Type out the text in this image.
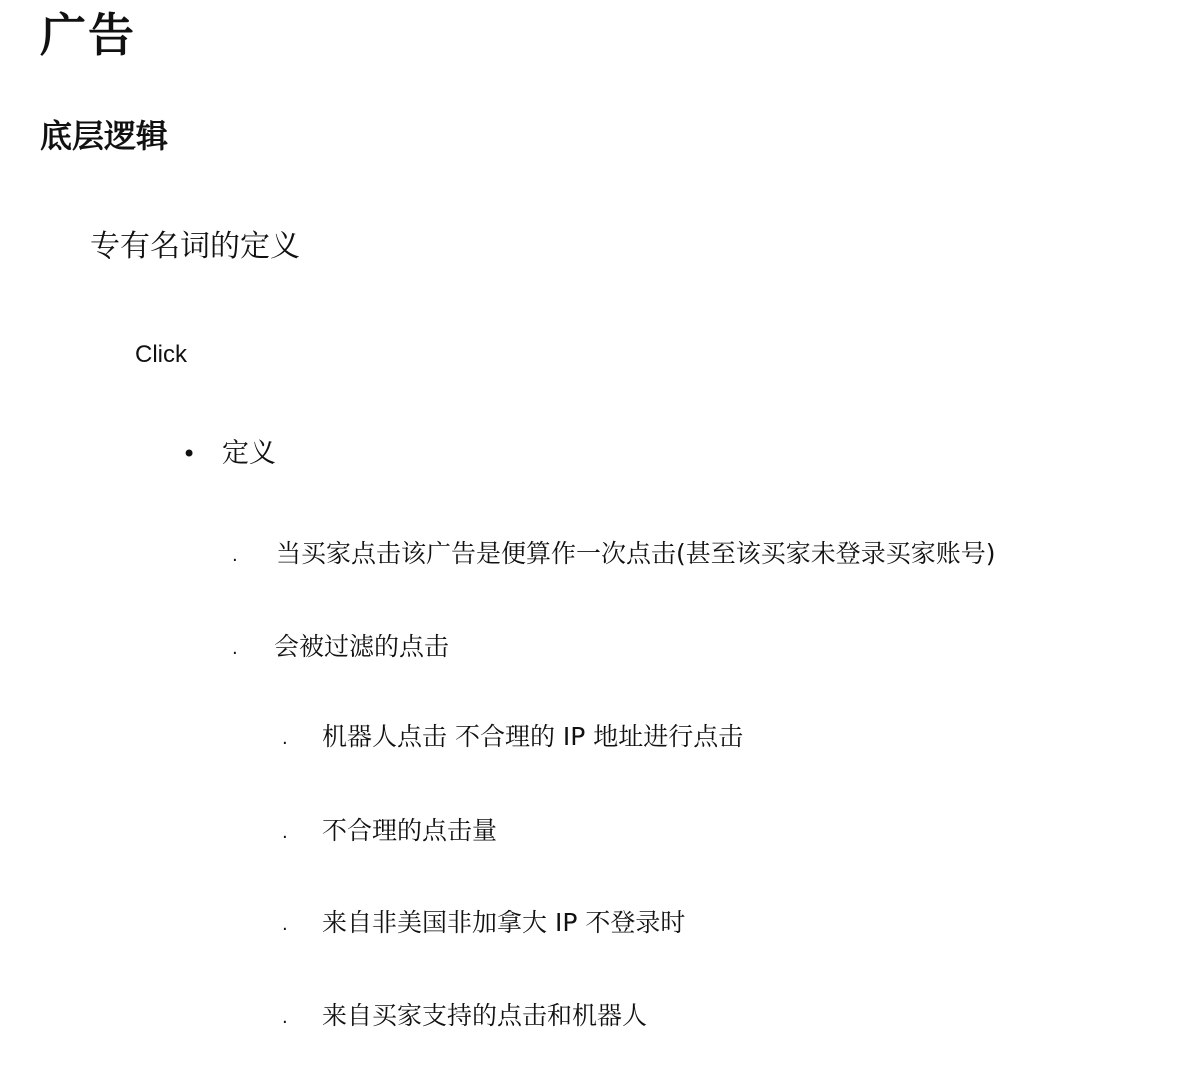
广告
底层逻辑
专有名词的定义
Click
• 定义
.	当买家点击该广告是便算作一次点击(甚至该买家未登录买家账号)
.	会被过滤的点击
.	机器人点击 不合理的 IP 地址进行点击
.	不合理的点击量
.	来自非美国非加拿大 IP 不登录时
.	来自买家支持的点击和机器人
